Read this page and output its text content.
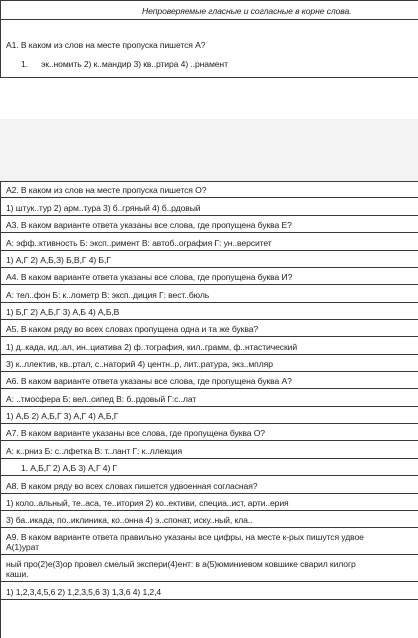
Непроверяемые гласные и согласные в корне слова.
А1. В каком из слов на месте пропуска пишется А?
1. эк..номить 2) к..мандир 3) кв..ртира 4) ..рнамент
А2. В каком из слов на месте пропуска пишется О?
1) штук..тур 2) арм..тура 3) б..гряный 4) б..рдовый
А3. В каком варианте ответа указаны все слова, где пропущена буква Е?
А: эфф..ктивность Б: эксп..римент В: автоб..ография Г: ун..верситет
1) А,Г 2) А,Б,З) Б,В,Г 4) Б,Г
А4. В каком варианте ответа указаны все слова, где пропущена буква И?
А: тел..фон Б: к..лометр В: эксп..диция Г: вест..бюль
1) Б,Г 2) А,Б,Г 3) А,Б 4) А,Б,В
А5. В каком ряду во всех словах пропущена одна и та же буква?
1) д..када, ид..ал, ин..циатива 2) ф..тография, кил..грамм, ф..нтастический
3) к..ллектив, кв..ртал, с..наторий 4) центн..р, лит..ратура, экз..мпляр
А6. В каком варианте ответа указаны все слова, где пропущена буква А?
А: ..тмосфера Б: вел..сипед В: б..рдовый Г:с..лат
1) А,Б 2) А,Б,Г 3) А,Г 4) А,Б,Г
А7. В каком варианте указаны все слова, где пропущена буква О?
А: к..рниз Б: с..лфетка В: т..лант Г: к..ллекция
1. А,Б,Г 2) А,Б 3) А,Г 4) Г
А8. В каком ряду во всех словах пишется удвоенная согласная?
1) коло..альный, те..аса, те..итория 2) ко..ективи, специа..ист, арти..ерия
3) ба..икада, по..иклиника, ко..онна 4) э..спонат, иску..ный, кла..
А9. В каком варианте ответа правильно указаны все цифры, на месте к-рых пишутся удвое
А(1)урат
ный про(2)е(3)ор провел смелый экспери(4)ент: в а(5)юминиевом ковшике сварил килогр
каши.
1) 1,2,3,4,5,6 2) 1,2,3,5,6 3) 1,3,6 4) 1,2,4
